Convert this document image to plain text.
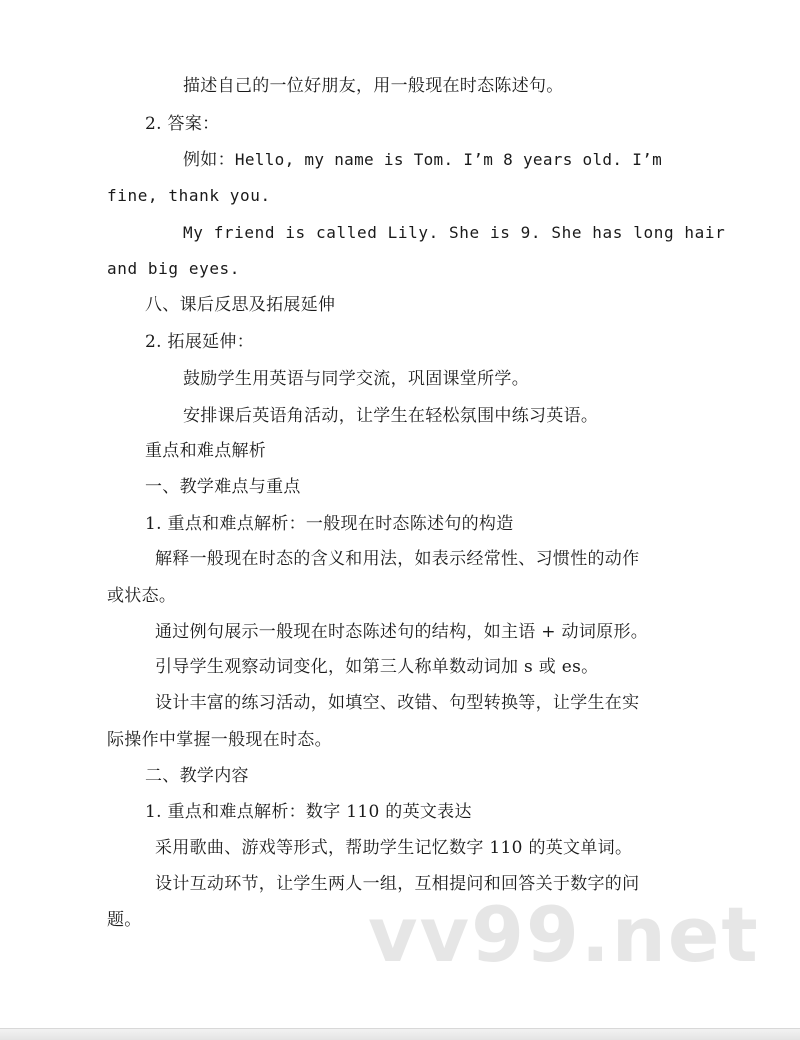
描述自己的一位好朋友，用一般现在时态陈述句。
2. 答案：
例如：Hello, my name is Tom. I’m 8 years old. I’m
fine, thank you.
My friend is called Lily. She is 9. She has long hair
and big eyes.
八、课后反思及拓展延伸
2. 拓展延伸：
鼓励学生用英语与同学交流，巩固课堂所学。
安排课后英语角活动，让学生在轻松氛围中练习英语。
重点和难点解析
一、教学难点与重点
1. 重点和难点解析：一般现在时态陈述句的构造
解释一般现在时态的含义和用法，如表示经常性、习惯性的动作
或状态。
通过例句展示一般现在时态陈述句的结构，如主语 + 动词原形。
引导学生观察动词变化，如第三人称单数动词加 s 或 es。
设计丰富的练习活动，如填空、改错、句型转换等，让学生在实
际操作中掌握一般现在时态。
二、教学内容
1. 重点和难点解析：数字 110 的英文表达
采用歌曲、游戏等形式，帮助学生记忆数字 110 的英文单词。
设计互动环节，让学生两人一组，互相提问和回答关于数字的问
题。	vv99.net
